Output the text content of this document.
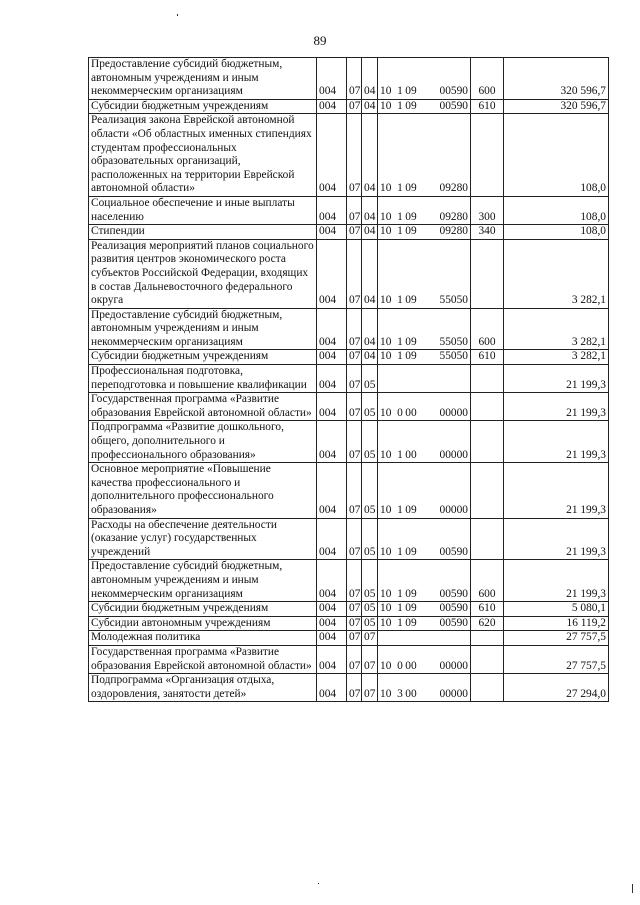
89
Предоставление субсидий бюджетным, автономным учреждениям и иным некоммерческим организациям	004	07	04	10 1 09 00590	600	320 596,7
Субсидии бюджетным учреждениям	004	07	04	10 1 09 00590	610	320 596,7
Реализация закона Еврейской автономной области «Об областных именных стипендиях студентам профессиональных образовательных организаций, расположенных на территории Еврейской автономной области»	004	07	04	10 1 09 09280		108,0
Социальное обеспечение и иные выплаты населению	004	07	04	10 1 09 09280	300	108,0
Стипендии	004	07	04	10 1 09 09280	340	108,0
Реализация мероприятий планов социального развития центров экономического роста субъектов Российской Федерации, входящих в состав Дальневосточного федерального округа	004	07	04	10 1 09 55050		3 282,1
Предоставление субсидий бюджетным, автономным учреждениям и иным некоммерческим организациям	004	07	04	10 1 09 55050	600	3 282,1
Субсидии бюджетным учреждениям	004	07	04	10 1 09 55050	610	3 282,1
Профессиональная подготовка, переподготовка и повышение квалификации	004	07	05			21 199,3
Государственная программа «Развитие образования Еврейской автономной области»	004	07	05	10 0 00 00000		21 199,3
Подпрограмма «Развитие дошкольного, общего, дополнительного и профессионального образования»	004	07	05	10 1 00 00000		21 199,3
Основное мероприятие «Повышение качества профессионального и дополнительного профессионального образования»	004	07	05	10 1 09 00000		21 199,3
Расходы на обеспечение деятельности (оказание услуг) государственных учреждений	004	07	05	10 1 09 00590		21 199,3
Предоставление субсидий бюджетным, автономным учреждениям и иным некоммерческим организациям	004	07	05	10 1 09 00590	600	21 199,3
Субсидии бюджетным учреждениям	004	07	05	10 1 09 00590	610	5 080,1
Субсидии автономным учреждениям	004	07	05	10 1 09 00590	620	16 119,2
Молодежная политика	004	07	07			27 757,5
Государственная программа «Развитие образования Еврейской автономной области»	004	07	07	10 0 00 00000		27 757,5
Подпрограмма «Организация отдыха, оздоровления, занятости детей»	004	07	07	10 3 00 00000		27 294,0
